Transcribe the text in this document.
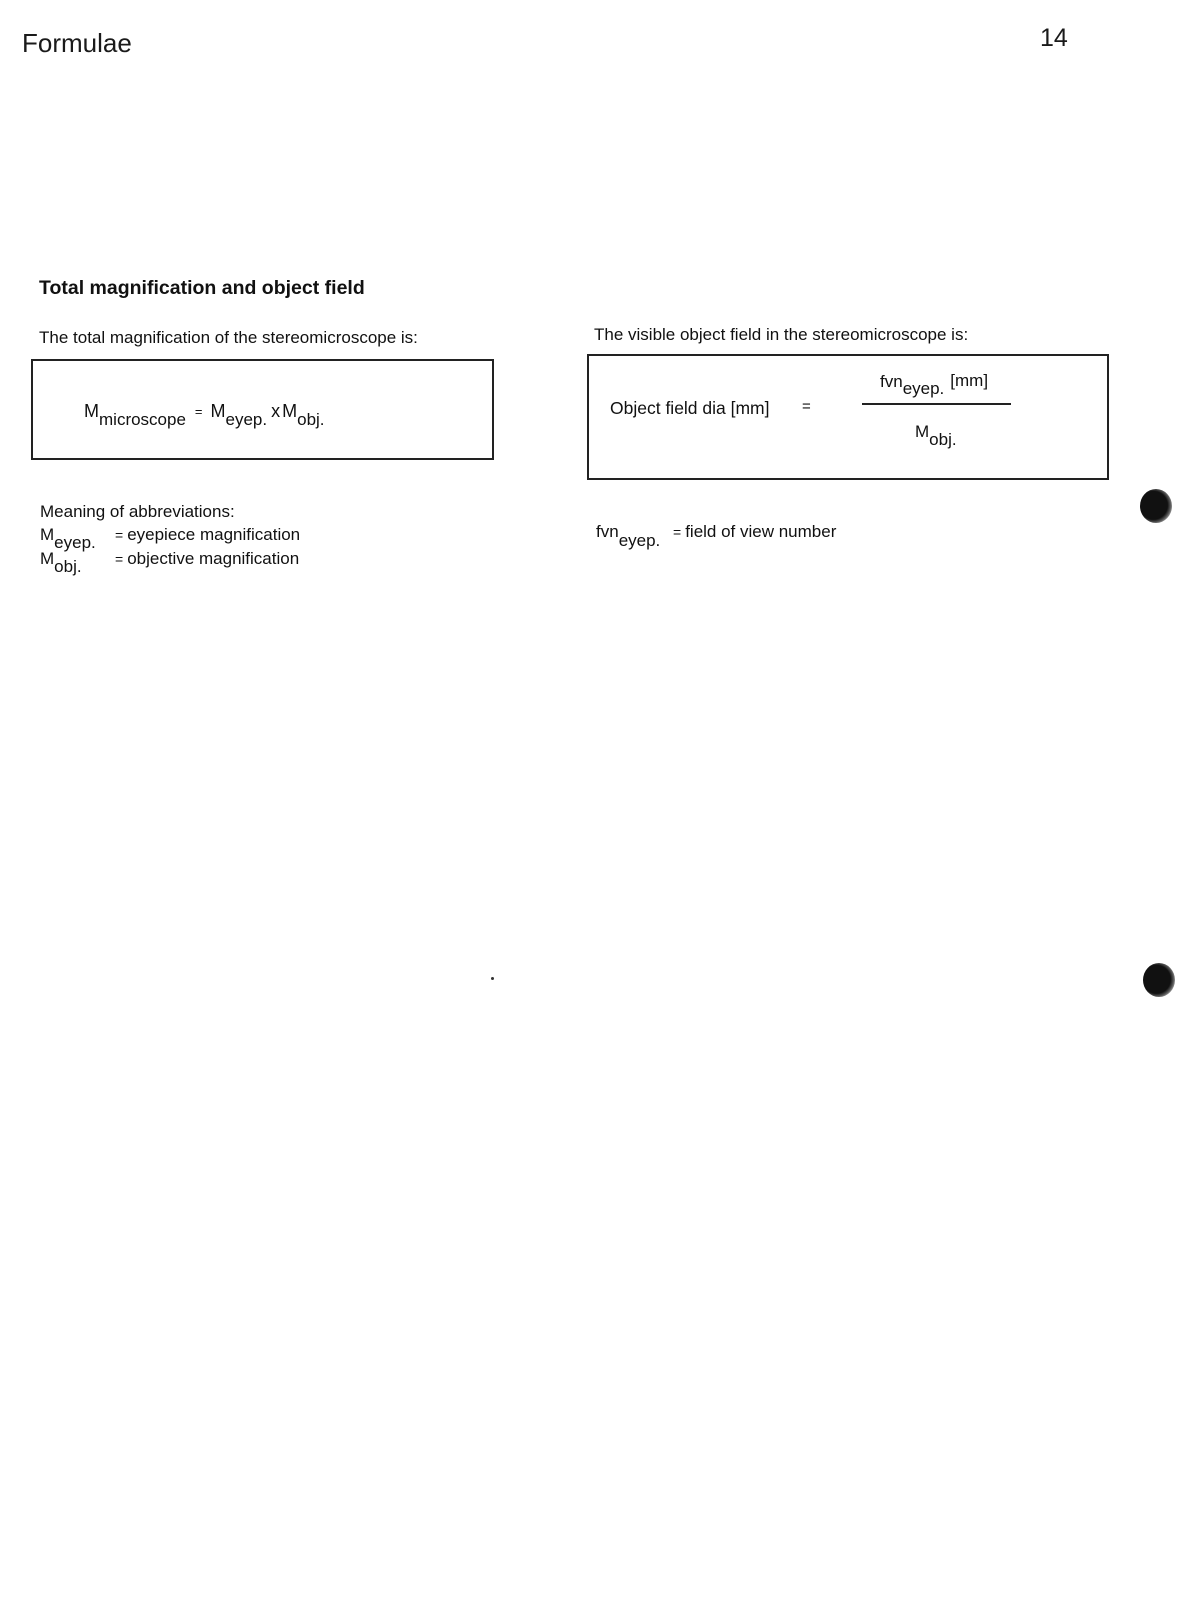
Formulae	14
Total magnification and object field
The total magnification of the stereomicroscope is:
Mmicroscope = Meyep. x Mobj.
Meaning of abbreviations:
Meyep. = eyepiece magnification
Mobj. = objective magnification
The visible object field in the stereomicroscope is:
Object field dia [mm] =
fvneyep. [mm]
Mobj.
fvneyep. = field of view number
